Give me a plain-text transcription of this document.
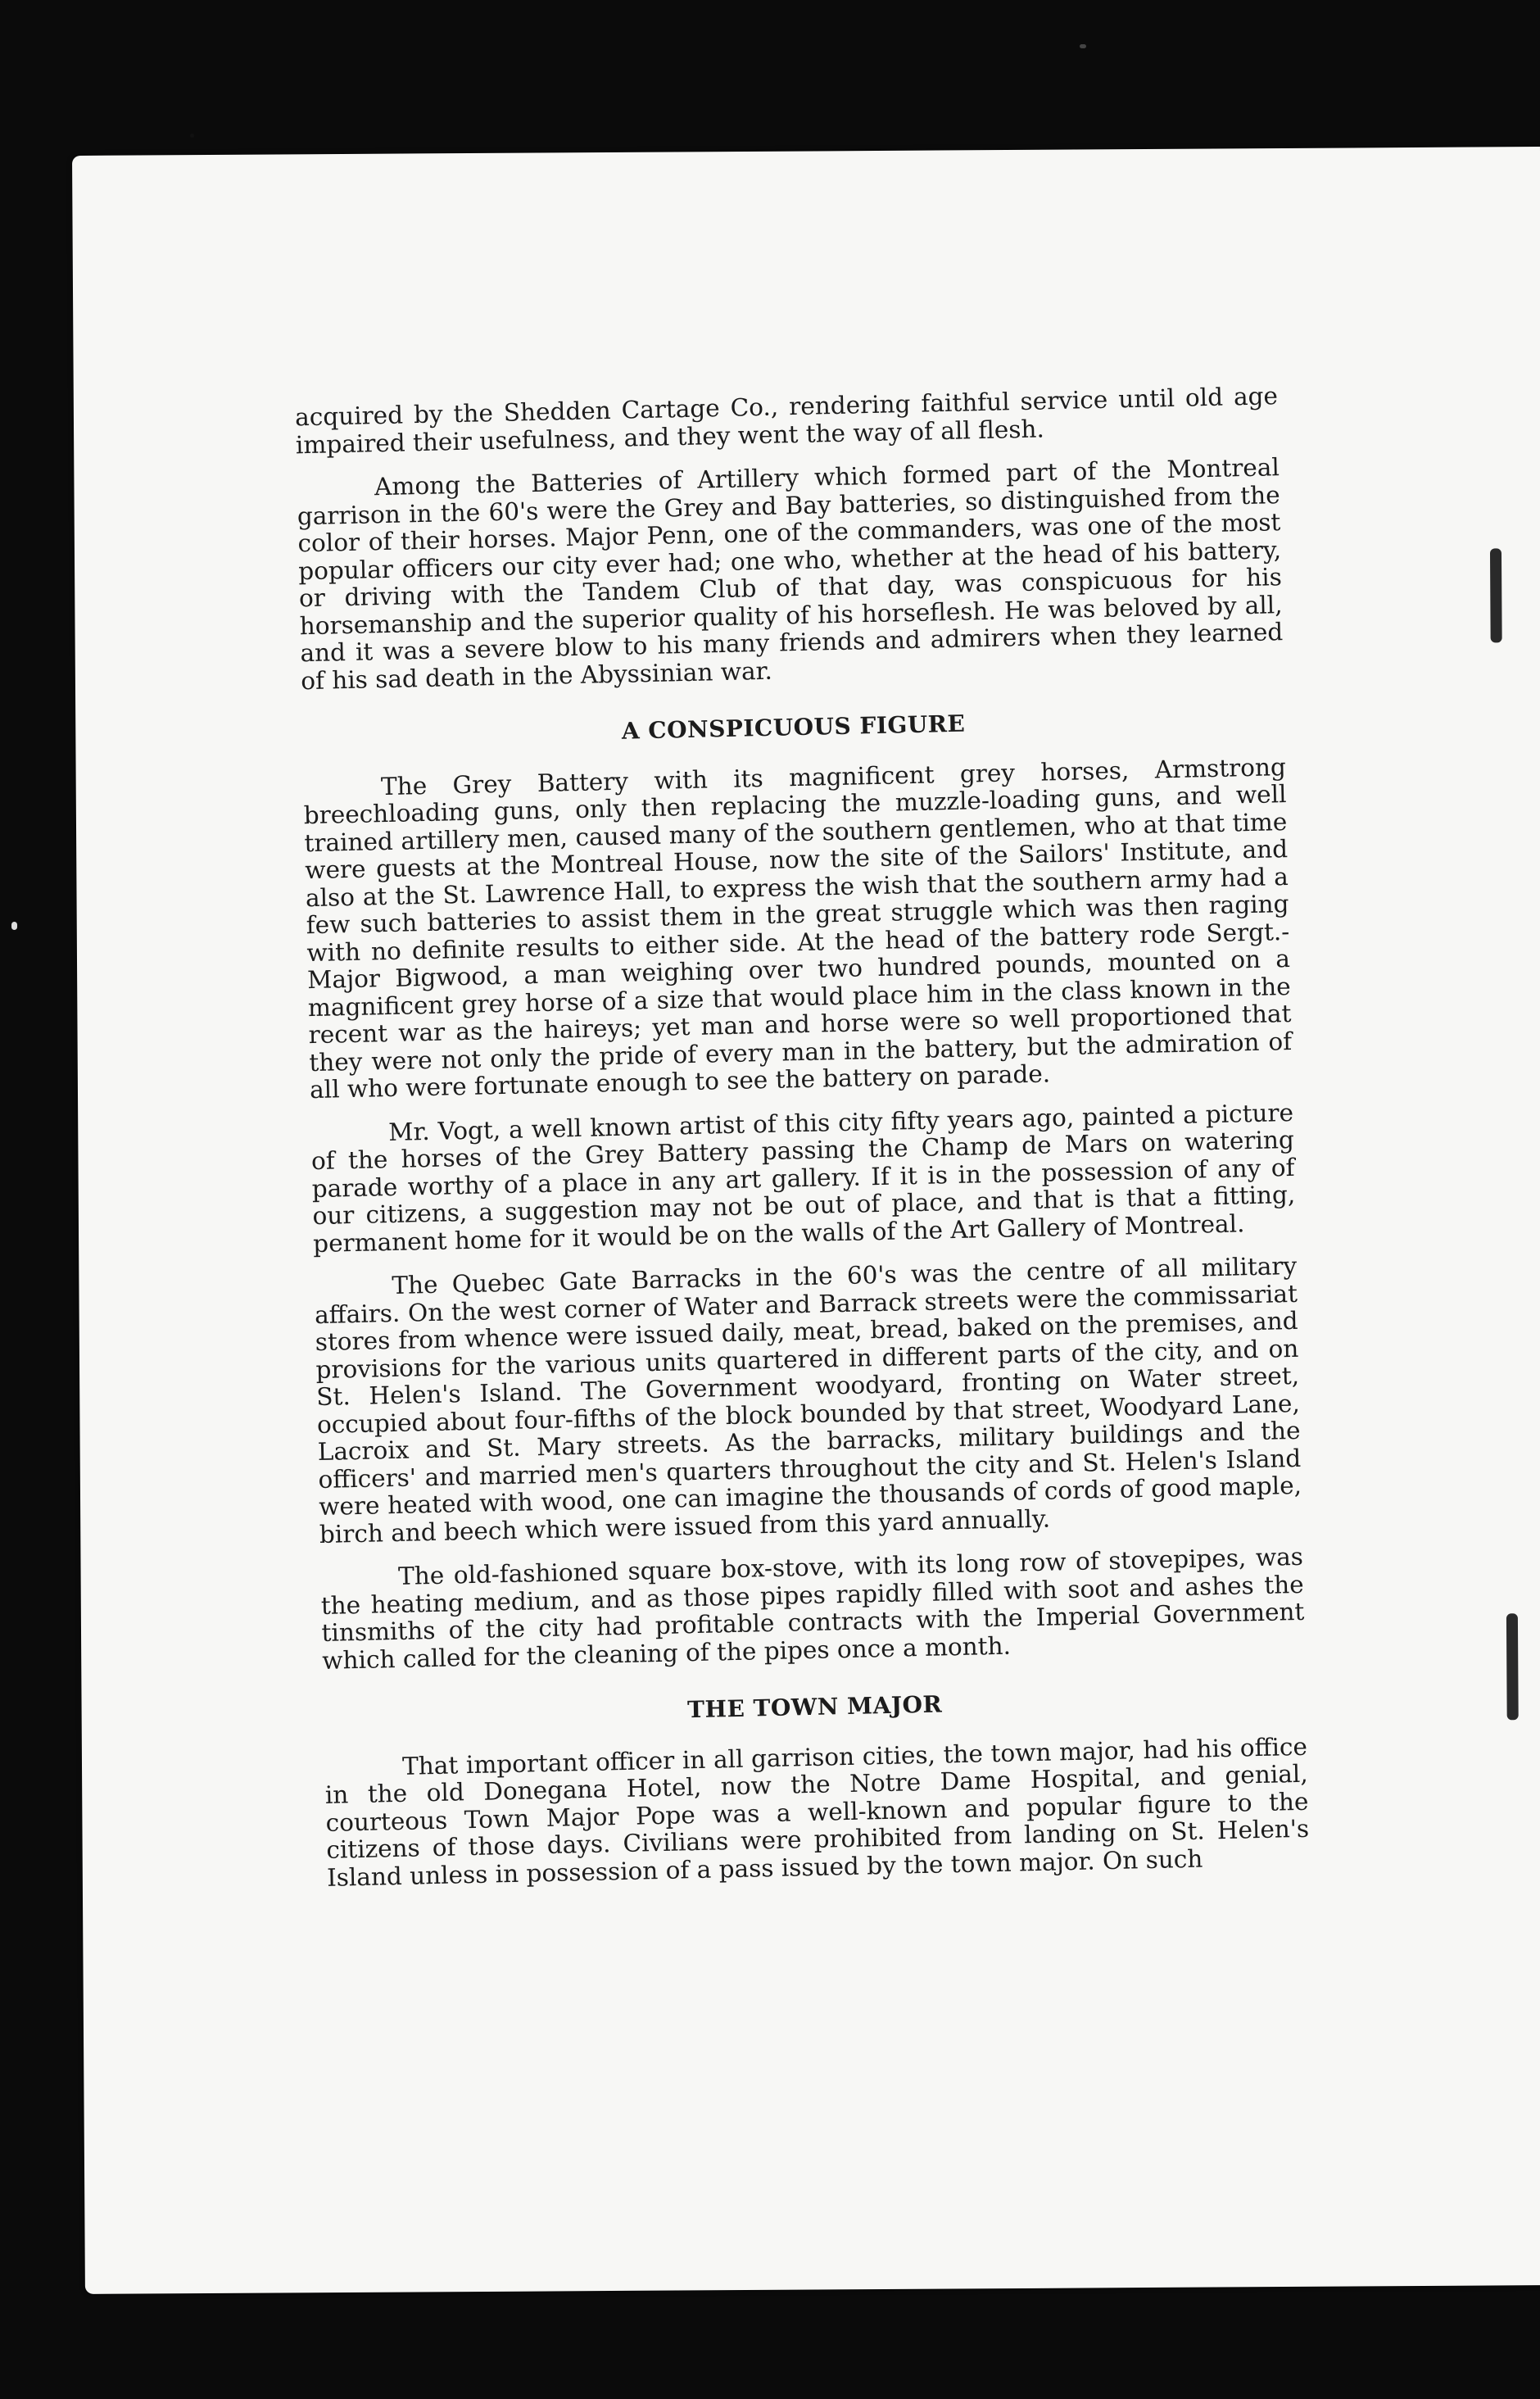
acquired by the Shedden Cartage Co., rendering faithful service until old age impaired their usefulness, and they went the way of all flesh.

Among the Batteries of Artillery which formed part of the Montreal garrison in the 60's were the Grey and Bay batteries, so distinguished from the color of their horses. Major Penn, one of the commanders, was one of the most popular officers our city ever had; one who, whether at the head of his battery, or driving with the Tandem Club of that day, was conspicuous for his horsemanship and the superior quality of his horseflesh. He was beloved by all, and it was a severe blow to his many friends and admirers when they learned of his sad death in the Abyssinian war.

A CONSPICUOUS FIGURE

The Grey Battery with its magnificent grey horses, Armstrong breechloading guns, only then replacing the muzzle-loading guns, and well trained artillery men, caused many of the southern gentlemen, who at that time were guests at the Montreal House, now the site of the Sailors' Institute, and also at the St. Lawrence Hall, to express the wish that the southern army had a few such batteries to assist them in the great struggle which was then raging with no definite results to either side. At the head of the battery rode Sergt.-Major Bigwood, a man weighing over two hundred pounds, mounted on a magnificent grey horse of a size that would place him in the class known in the recent war as the haireys; yet man and horse were so well proportioned that they were not only the pride of every man in the battery, but the admiration of all who were fortunate enough to see the battery on parade.

Mr. Vogt, a well known artist of this city fifty years ago, painted a picture of the horses of the Grey Battery passing the Champ de Mars on watering parade worthy of a place in any art gallery. If it is in the possession of any of our citizens, a suggestion may not be out of place, and that is that a fitting, permanent home for it would be on the walls of the Art Gallery of Montreal.

The Quebec Gate Barracks in the 60's was the centre of all military affairs. On the west corner of Water and Barrack streets were the commissariat stores from whence were issued daily, meat, bread, baked on the premises, and provisions for the various units quartered in different parts of the city, and on St. Helen's Island. The Government woodyard, fronting on Water street, occupied about four-fifths of the block bounded by that street, Woodyard Lane, Lacroix and St. Mary streets. As the barracks, military buildings and the officers' and married men's quarters throughout the city and St. Helen's Island were heated with wood, one can imagine the thousands of cords of good maple, birch and beech which were issued from this yard annually.

The old-fashioned square box-stove, with its long row of stovepipes, was the heating medium, and as those pipes rapidly filled with soot and ashes the tinsmiths of the city had profitable contracts with the Imperial Government which called for the cleaning of the pipes once a month.

THE TOWN MAJOR

That important officer in all garrison cities, the town major, had his office in the old Donegana Hotel, now the Notre Dame Hospital, and genial, courteous Town Major Pope was a well-known and popular figure to the citizens of those days. Civilians were prohibited from landing on St. Helen's Island unless in possession of a pass issued by the town major. On such
